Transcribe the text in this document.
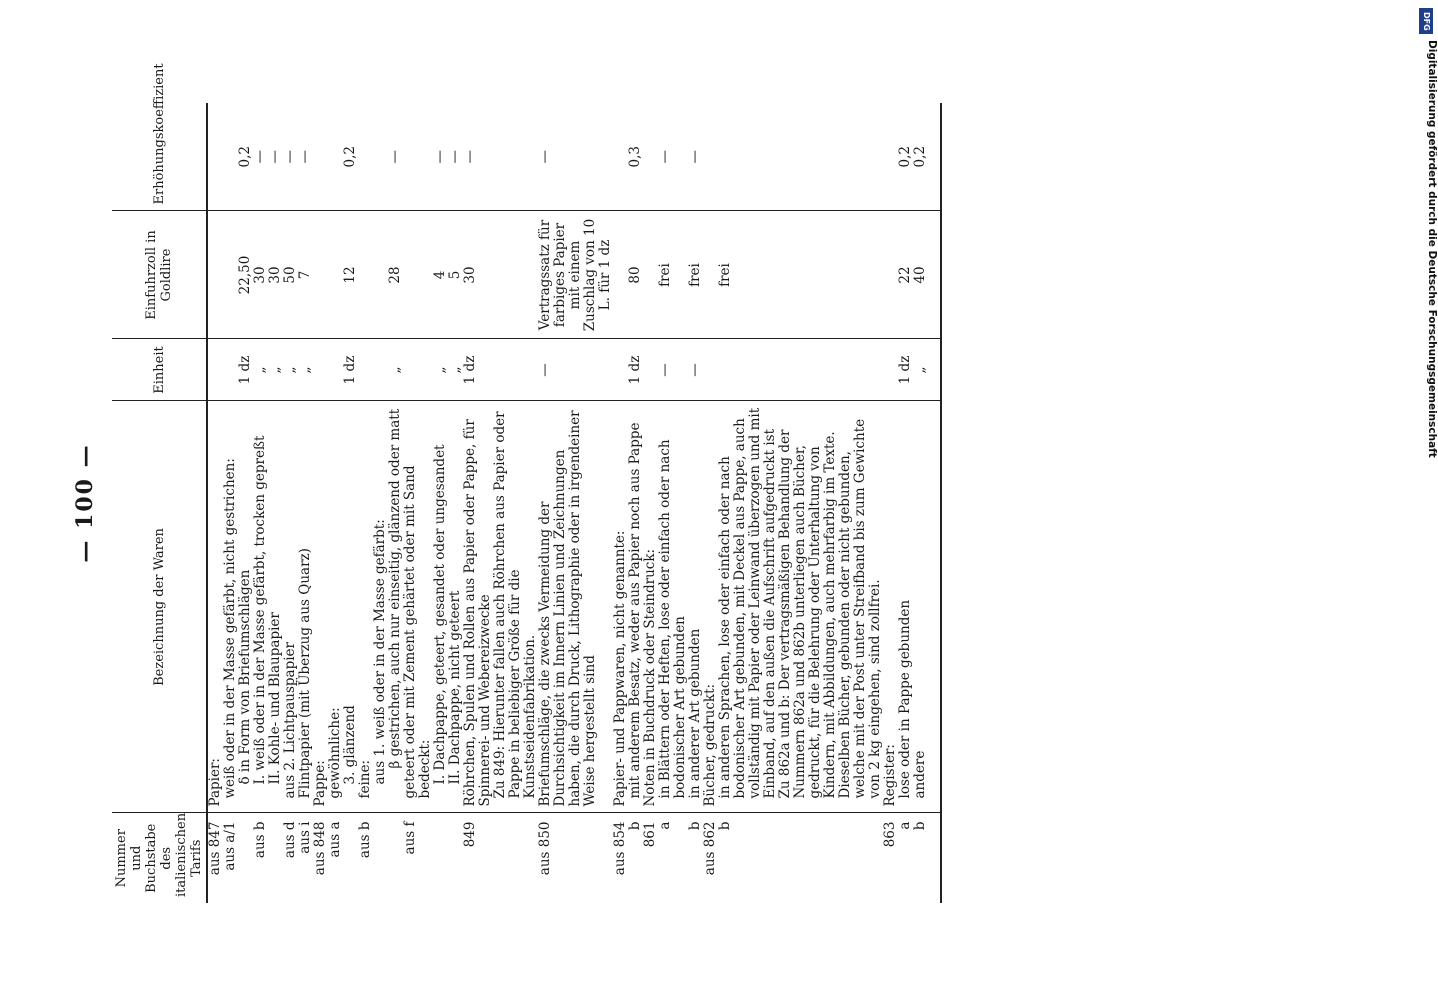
— 100 —
Nummer und Buchstabe des italienischen Tarifs	Bezeichnung der Waren	Einheit	Einfuhrzoll in Goldlire	Erhöhungskoeffizient
aus 847	Papier:			
aus a/1	weiß oder in der Masse gefärbt, nicht gestrichen:			
	δ in Form von Briefumschlägen	1 dz	22,50	0,2
aus b	I. weiß oder in der Masse gefärbt, trocken gepreßt	„	30	—
	II. Kohle- und Blaupapier	„	30	—
aus d	aus 2. Lichtpauspapier	„	50	—
aus i	Flintpapier (mit Überzug aus Quarz)	„	7	—
aus 848	Pappe:			
aus a	gewöhnliche:			
	3. glänzend	1 dz	12	0,2
aus b	feine:			
	aus 1. weiß oder in der Masse gefärbt:			
	β gestrichen, auch nur einseitig, glänzend oder matt	„	28	—
aus f	geteert oder mit Zement gehärtet oder mit Sand bedeckt:			
	I. Dachpappe, geteert, gesandet oder ungesandet	„	4	—
	II. Dachpappe, nicht geteert	„	5	—
849	Röhrchen, Spulen und Rollen aus Papier oder Pappe, für Spinnerei- und Webereizwecke	1 dz	30	—
	Zu 849: Hierunter fallen auch Röhrchen aus Papier oder Pappe in beliebiger Größe für die Kunstseidenfabrikation.			
aus 850	Briefumschläge, die zwecks Vermeidung der Durchsichtigkeit im Innern Linien und Zeichnungen haben, die durch Druck, Lithographie oder in irgendeiner Weise hergestellt sind	—	Vertragssatz für farbiges Papier mit einem Zuschlag von 10 L. für 1 dz	—
aus 854	Papier- und Pappwaren, nicht genannte:			
b	mit anderem Besatz, weder aus Papier noch aus Pappe	1 dz	80	0,3
861	Noten in Buchdruck oder Steindruck:			
a	in Blättern oder Heften, lose oder einfach oder nach bodonischer Art gebunden	—	frei	—
b	in anderer Art gebunden	—	frei	—
aus 862	Bücher, gedruckt:			
b	in anderen Sprachen, lose oder einfach oder nach bodonischer Art gebunden, mit Deckel aus Pappe, auch vollständig mit Papier oder Leinwand überzogen und mit Einband, auf den außen die Aufschrift aufgedruckt ist		frei	
	Zu 862a und b: Der vertragsmäßigen Behandlung der Nummern 862a und 862b unterliegen auch Bücher, gedruckt, für die Belehrung oder Unterhaltung von Kindern, mit Abbildungen, auch mehrfarbig im Texte.			
	Dieselben Bücher, gebunden oder nicht gebunden, welche mit der Post unter Streifband bis zum Gewichte von 2 kg eingehen, sind zollfrei.			
863	Register:			
a	lose oder in Pappe gebunden	1 dz	22	0,2
b	andere	„	40	0,2
					Digitalisierung gefördert durch die Deutsche Forschungsgemeinschaft
DFG
